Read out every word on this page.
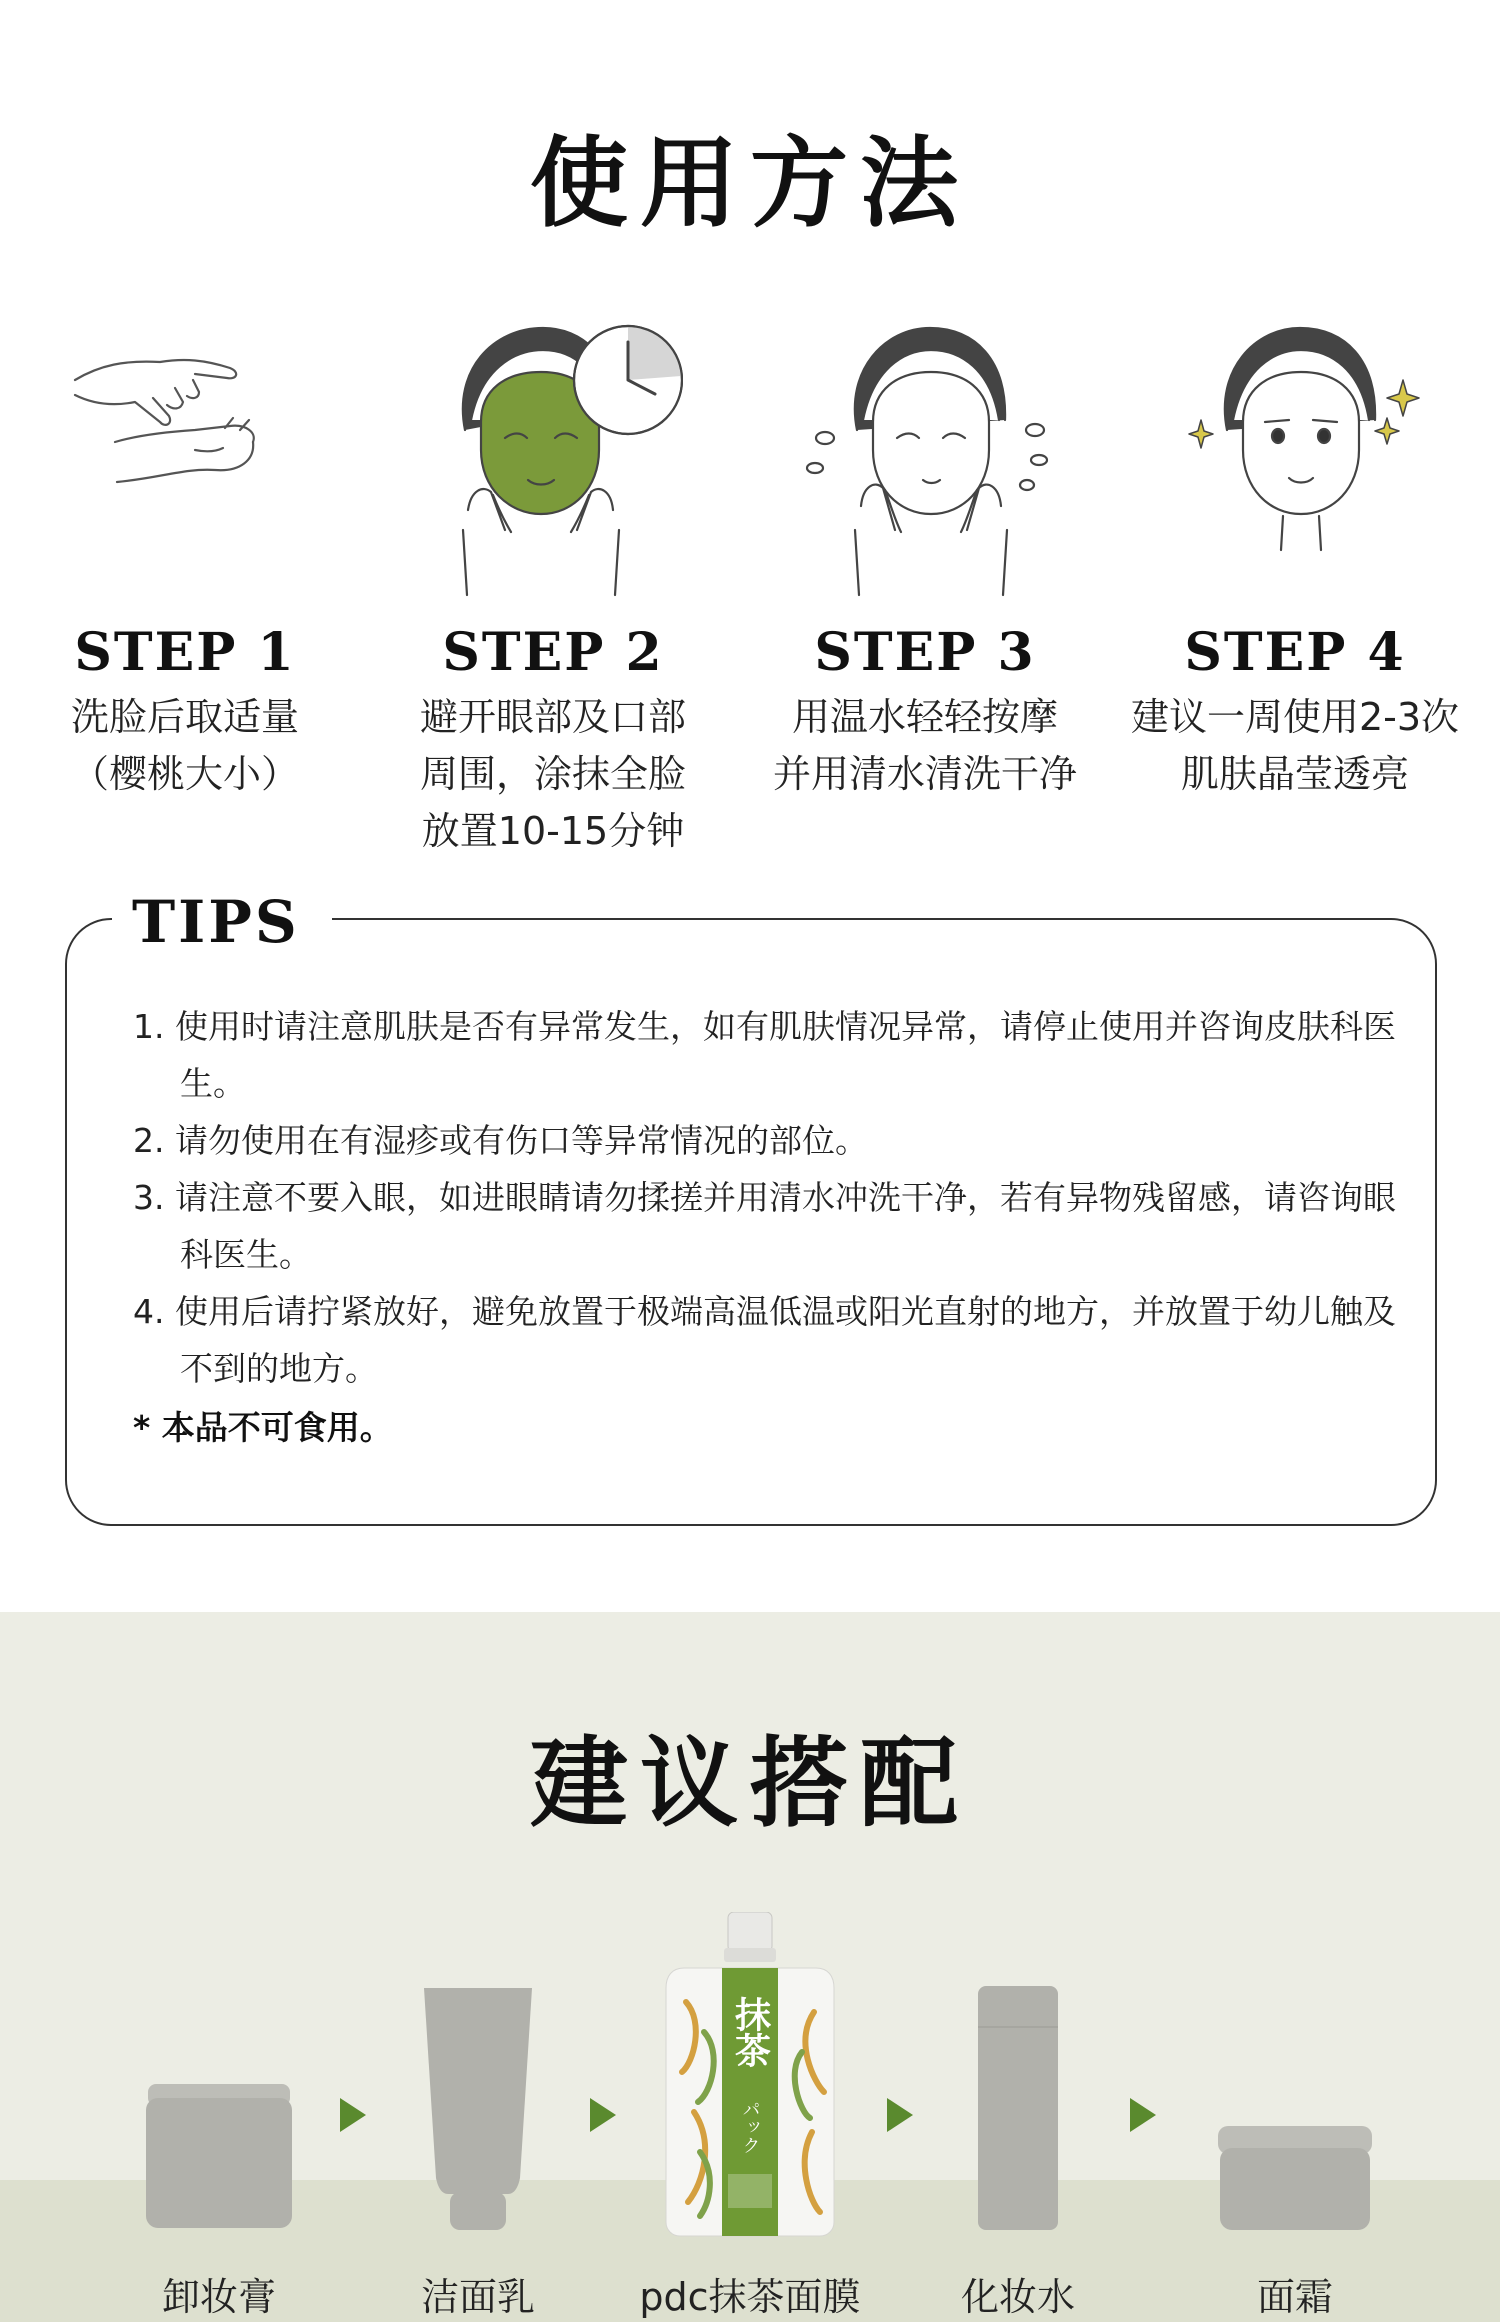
使用方法
STEP 1
洗脸后取适量
（樱桃大小）
STEP 2
避开眼部及口部
周围，涂抹全脸
放置10-15分钟
STEP 3
用温水轻轻按摩
并用清水清洗干净
STEP 4
建议一周使用2-3次
肌肤晶莹透亮
TIPS
1. 使用时请注意肌肤是否有异常发生，如有肌肤情况异常，请停止使用并咨询皮肤科医生。
2. 请勿使用在有湿疹或有伤口等异常情况的部位。
3. 请注意不要入眼，如进眼睛请勿揉搓并用清水冲洗干净，若有异物残留感，请咨询眼科医生。
4. 使用后请拧紧放好，避免放置于极端高温低温或阳光直射的地方，并放置于幼儿触及不到的地方。
* 本品不可食用。
建议搭配
抹茶
パック
卸妆膏	洁面乳	pdc抹茶面膜	化妆水	面霜
